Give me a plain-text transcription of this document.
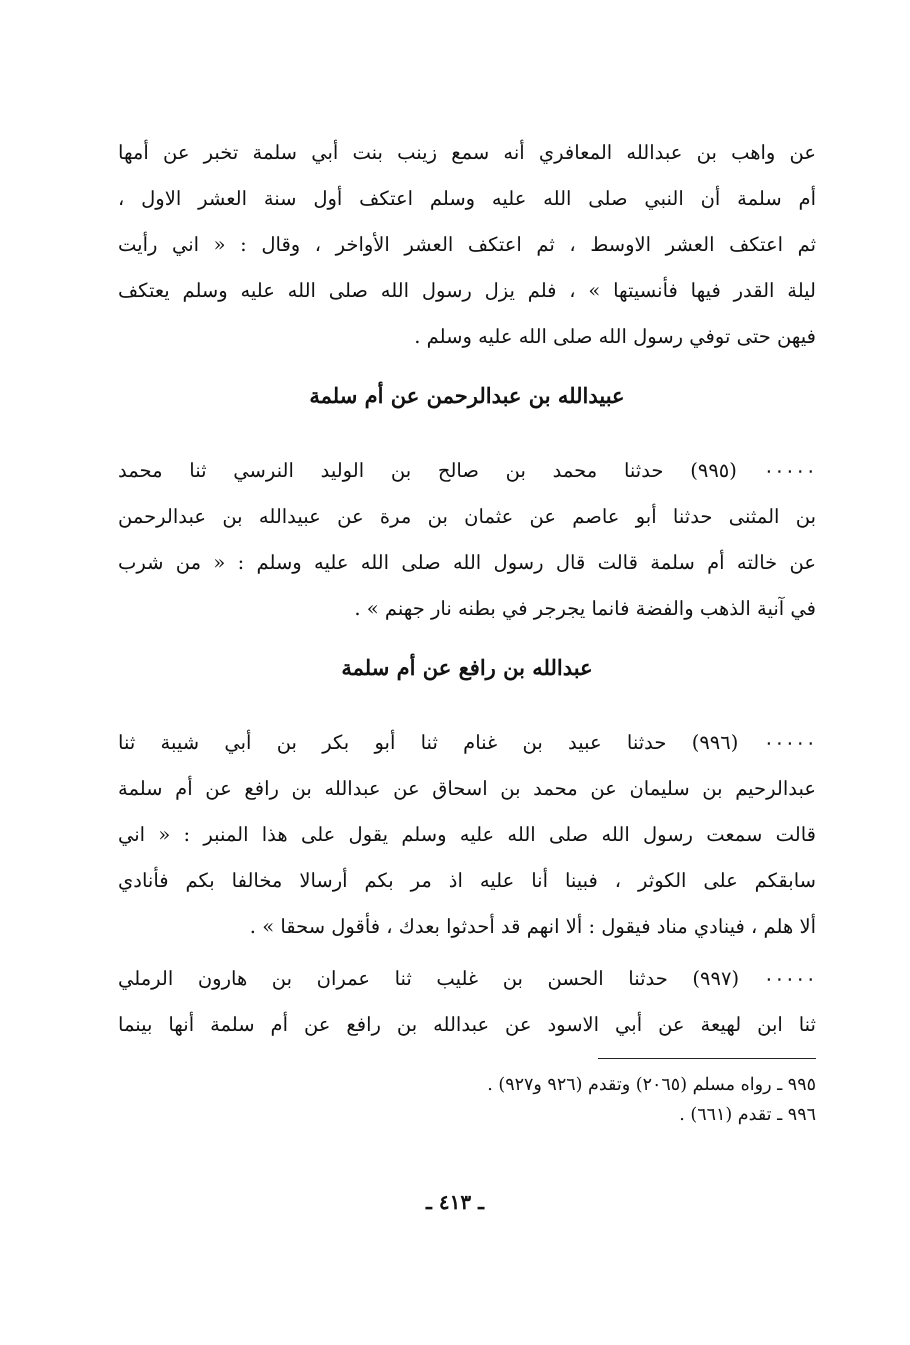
عن واهب بن عبدالله المعافري أنه سمع زينب بنت أبي سلمة تخبر عن أمها
أم سلمة أن النبي صلى الله عليه وسلم اعتكف أول سنة العشر الاول ،
ثم اعتكف العشر الاوسط ، ثم اعتكف العشر الأواخر ، وقال : « اني رأيت
ليلة القدر فيها فأنسيتها » ، فلم يزل رسول الله صلى الله عليه وسلم يعتكف
فيهن حتى توفي رسول الله صلى الله عليه وسلم .
عبيدالله بن عبدالرحمن عن أم سلمة
٠٠٠٠٠ (٩٩٥) حدثنا محمد بن صالح بن الوليد النرسي ثنا محمد
بن المثنى حدثنا أبو عاصم عن عثمان بن مرة عن عبيدالله بن عبدالرحمن
عن خالته أم سلمة قالت قال رسول الله صلى الله عليه وسلم : « من شرب
في آنية الذهب والفضة فانما يجرجر في بطنه نار جهنم » .
عبدالله بن رافع عن أم سلمة
٠٠٠٠٠ (٩٩٦) حدثنا عبيد بن غنام ثنا أبو بكر بن أبي شيبة ثنا
عبدالرحيم بن سليمان عن محمد بن اسحاق عن عبدالله بن رافع عن أم سلمة
قالت سمعت رسول الله صلى الله عليه وسلم يقول على هذا المنبر : « اني
سابقكم على الكوثر ، فبينا أنا عليه اذ مر بكم أرسالا مخالفا بكم فأنادي
ألا هلم ، فينادي مناد فيقول : ألا انهم قد أحدثوا بعدك ، فأقول سحقا » .
٠٠٠٠٠ (٩٩٧) حدثنا الحسن بن غليب ثنا عمران بن هارون الرملي
ثنا ابن لهيعة عن أبي الاسود عن عبدالله بن رافع عن أم سلمة أنها بينما
٩٩٥ ـ رواه مسلم (٢٠٦٥) وتقدم (٩٢٦ و٩٢٧) .
٩٩٦ ـ تقدم (٦٦١) .
ـ ٤١٣ ـ
